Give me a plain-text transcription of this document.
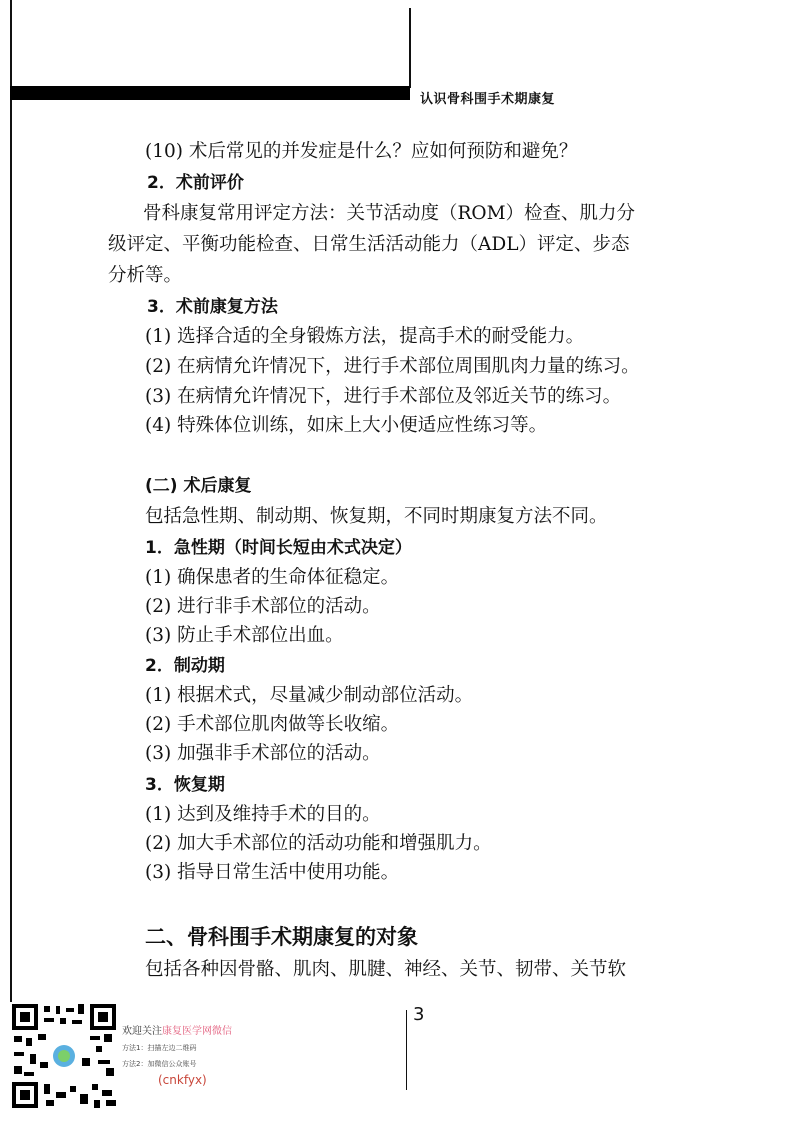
认识骨科围手术期康复
(10) 术后常见的并发症是什么？应如何预防和避免？
2．术前评价
骨科康复常用评定方法：关节活动度（ROM）检查、肌力分
级评定、平衡功能检查、日常生活活动能力（ADL）评定、步态
分析等。
3．术前康复方法
(1) 选择合适的全身锻炼方法，提高手术的耐受能力。
(2) 在病情允许情况下，进行手术部位周围肌肉力量的练习。
(3) 在病情允许情况下，进行手术部位及邻近关节的练习。
(4) 特殊体位训练，如床上大小便适应性练习等。
(二) 术后康复
包括急性期、制动期、恢复期，不同时期康复方法不同。
1．急性期（时间长短由术式决定）
(1) 确保患者的生命体征稳定。
(2) 进行非手术部位的活动。
(3) 防止手术部位出血。
2．制动期
(1) 根据术式，尽量减少制动部位活动。
(2) 手术部位肌肉做等长收缩。
(3) 加强非手术部位的活动。
3．恢复期
(1) 达到及维持手术的目的。
(2) 加大手术部位的活动功能和增强肌力。
(3) 指导日常生活中使用功能。
二、骨科围手术期康复的对象
包括各种因骨骼、肌肉、肌腱、神经、关节、韧带、关节软
3
欢迎关注康复医学网微信
方法1：扫描左边二维码
方法2：加微信公众账号
(cnkfyx)
